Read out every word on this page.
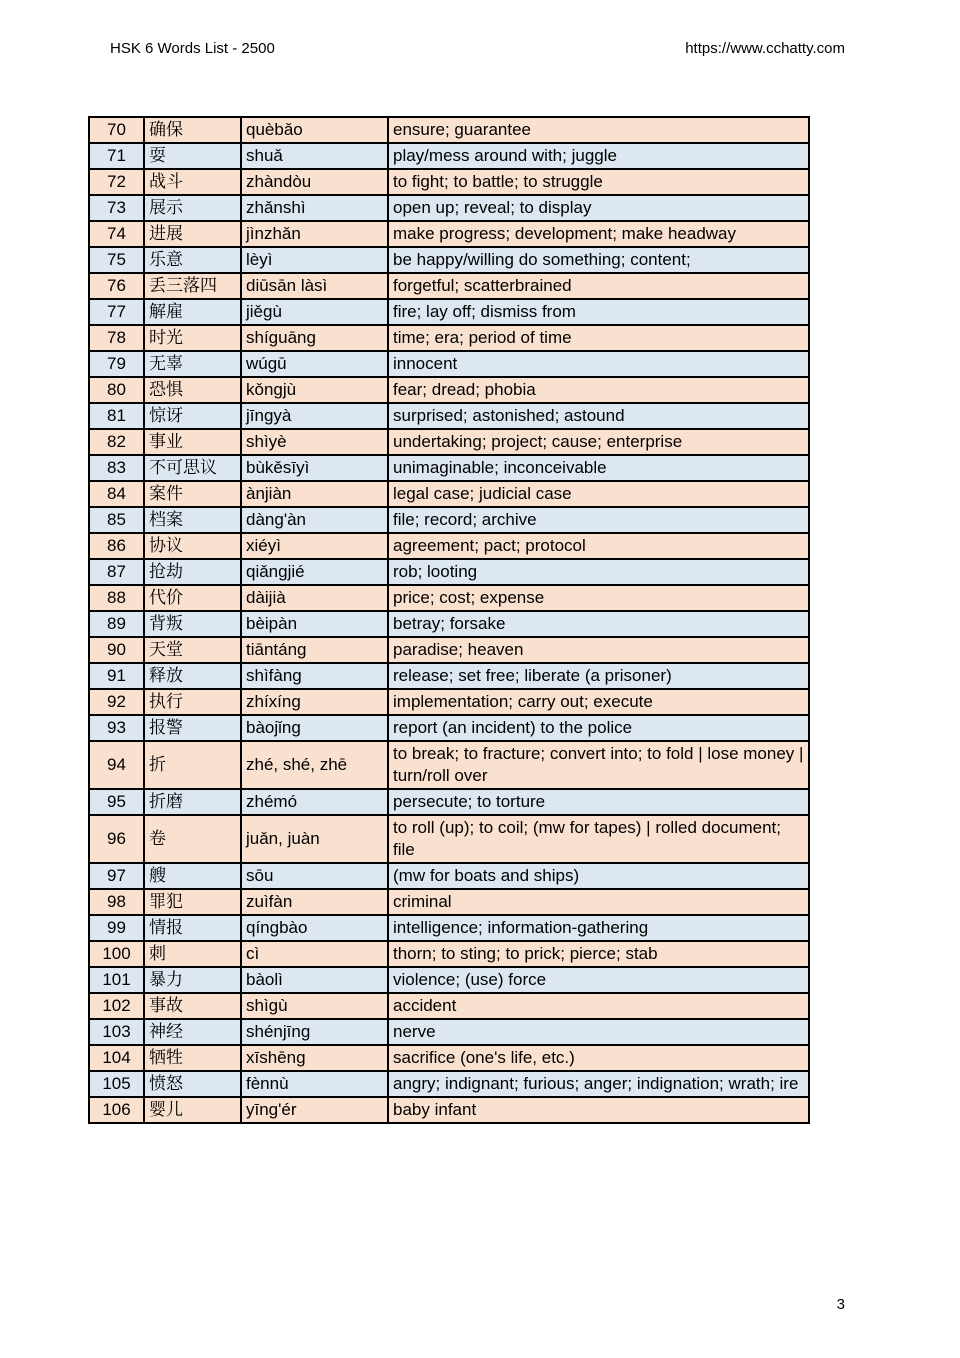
HSK 6 Words List - 2500	https://www.cchatty.com
70	确保	quèbǎo	ensure; guarantee
71	耍	shuǎ	play/mess around with; juggle
72	战斗	zhàndòu	to fight; to battle; to struggle
73	展示	zhǎnshì	open up; reveal; to display
74	进展	jìnzhǎn	make progress; development; make headway
75	乐意	lèyì	be happy/willing do something; content;
76	丢三落四	diūsān làsì	forgetful; scatterbrained
77	解雇	jiěgù	fire; lay off; dismiss from
78	时光	shíguāng	time; era; period of time
79	无辜	wúgū	innocent
80	恐惧	kǒngjù	fear; dread; phobia
81	惊讶	jīngyà	surprised; astonished; astound
82	事业	shìyè	undertaking; project; cause; enterprise
83	不可思议	bùkěsīyì	unimaginable; inconceivable
84	案件	ànjiàn	legal case; judicial case
85	档案	dàng'àn	file; record; archive
86	协议	xiéyì	agreement; pact; protocol
87	抢劫	qiǎngjié	rob; looting
88	代价	dàijià	price; cost; expense
89	背叛	bèipàn	betray; forsake
90	天堂	tiāntáng	paradise; heaven
91	释放	shìfàng	release; set free; liberate (a prisoner)
92	执行	zhíxíng	implementation; carry out; execute
93	报警	bàojǐng	report (an incident) to the police
94	折	zhé, shé, zhē	to break; to fracture; convert into; to fold | lose money | turn/roll over
95	折磨	zhémó	persecute; to torture
96	卷	juǎn, juàn	to roll (up); to coil; (mw for tapes) | rolled document; file
97	艘	sōu	(mw for boats and ships)
98	罪犯	zuìfàn	criminal
99	情报	qíngbào	intelligence; information-gathering
100	刺	cì	thorn; to sting; to prick; pierce; stab
101	暴力	bàolì	violence; (use) force
102	事故	shìgù	accident
103	神经	shénjīng	nerve
104	牺牲	xīshēng	sacrifice (one's life, etc.)
105	愤怒	fènnù	angry; indignant; furious; anger; indignation; wrath; ire
106	婴儿	yīng'ér	baby infant
3
